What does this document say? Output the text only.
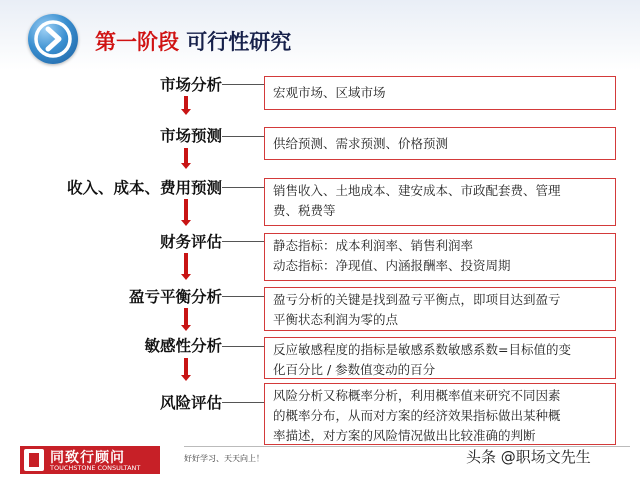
第一阶段 可行性研究
市场分析	宏观市场、区域市场
市场预测	供给预测、需求预测、价格预测
收入、成本、费用预测	销售收入、土地成本、建安成本、市政配套费、管理
费、税费等
财务评估	静态指标：成本利润率、销售利润率
动态指标：净现值、内涵报酬率、投资周期
盈亏平衡分析	盈亏分析的关键是找到盈亏平衡点，即项目达到盈亏
平衡状态利润为零的点
敏感性分析	反应敏感程度的指标是敏感系数敏感系数=目标值的变
化百分比 / 参数值变动的百分
风险评估	风险分析又称概率分析，利用概率值来研究不同因素
的概率分布，从而对方案的经济效果指标做出某种概
率描述，对方案的风险情况做出比较准确的判断
同致行顾问
TOUCHSTONE CONSULTANT
好好学习、天天向上！	头条 @职场文先生
